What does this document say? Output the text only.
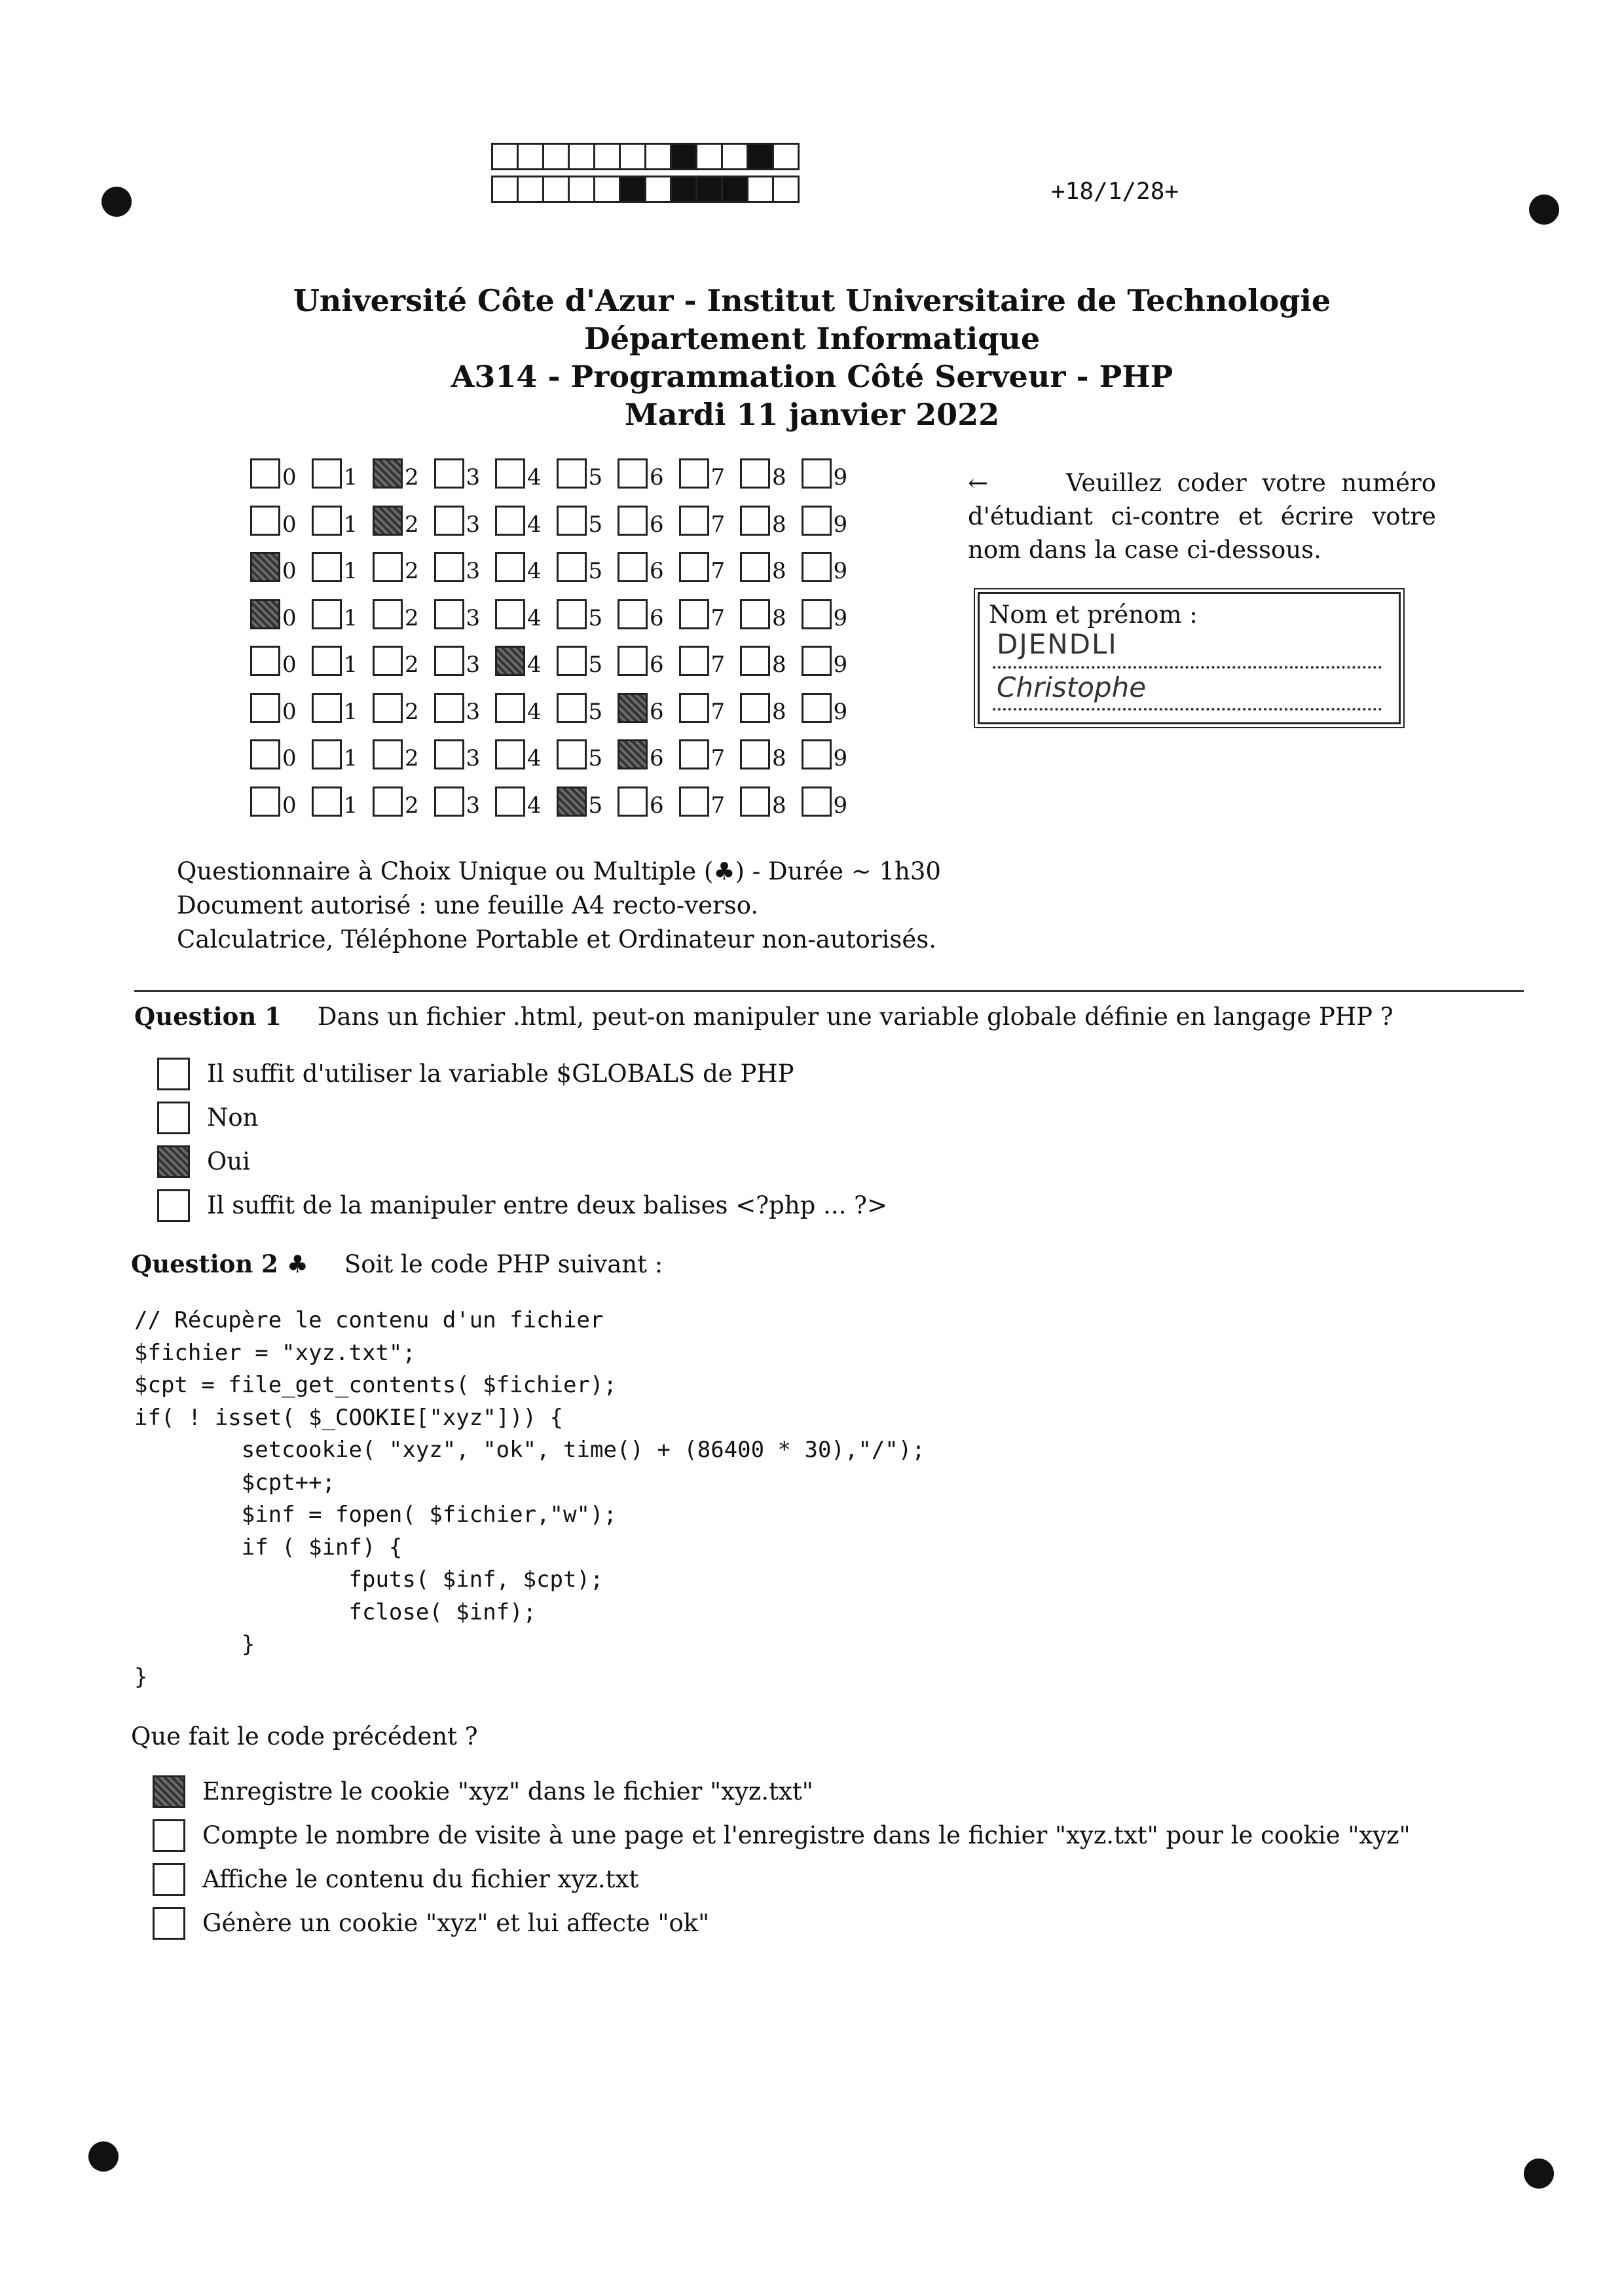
+18/1/28+
Université Côte d'Azur - Institut Universitaire de Technologie
Département Informatique
A314 - Programmation Côté Serveur - PHP
Mardi 11 janvier 2022
0 1 2 3 4 5 6 7 8 9
0 1 2 3 4 5 6 7 8 9
0 1 2 3 4 5 6 7 8 9
0 1 2 3 4 5 6 7 8 9
0 1 2 3 4 5 6 7 8 9
0 1 2 3 4 5 6 7 8 9
0 1 2 3 4 5 6 7 8 9
0 1 2 3 4 5 6 7 8 9
←	Veuillez coder votre numéro d'étudiant ci-contre et écrire votre nom dans la case ci-dessous.
Nom et prénom :
DJENDLI
Christophe
Questionnaire à Choix Unique ou Multiple (♣) - Durée ∼ 1h30
Document autorisé : une feuille A4 recto-verso.
Calculatrice, Téléphone Portable et Ordinateur non-autorisés.
Question 1 Dans un fichier .html, peut-on manipuler une variable globale définie en langage PHP ?
Il suffit d'utiliser la variable $GLOBALS de PHP
Non
Oui
Il suffit de la manipuler entre deux balises <?php ... ?>
Question 2 ♣ Soit le code PHP suivant :
// Récupère le contenu d'un fichier
$fichier = "xyz.txt";
$cpt = file_get_contents( $fichier);
if( ! isset( $_COOKIE["xyz"])) {
setcookie( "xyz", "ok", time() + (86400 * 30),"/");
$cpt++;
$inf = fopen( $fichier,"w");
if ( $inf) {
fputs( $inf, $cpt);
fclose( $inf);
}
}
Que fait le code précédent ?
Enregistre le cookie "xyz" dans le fichier "xyz.txt"
Compte le nombre de visite à une page et l'enregistre dans le fichier "xyz.txt" pour le cookie "xyz"
Affiche le contenu du fichier xyz.txt
Génère un cookie "xyz" et lui affecte "ok"
